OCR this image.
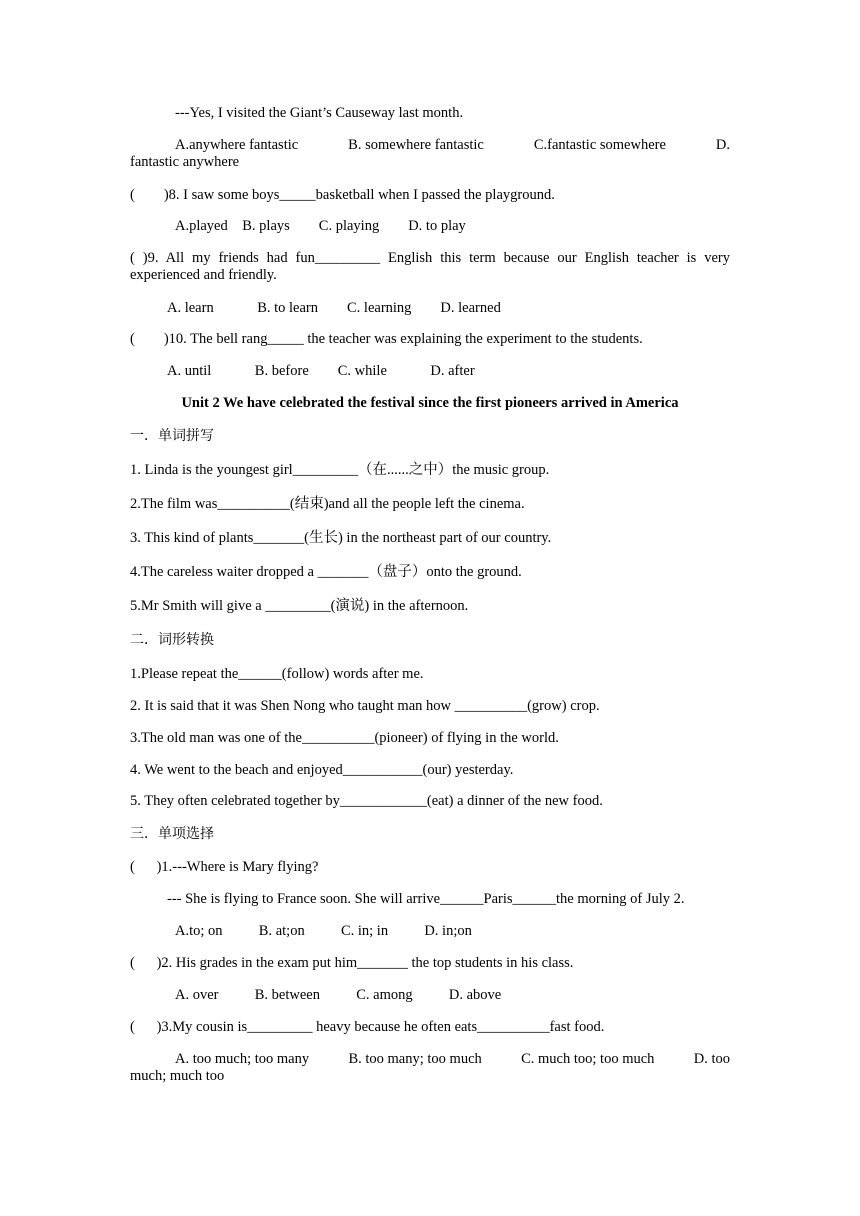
---Yes, I visited the Giant’s Causeway last month.
A.anywhere fantastic	B. somewhere fantastic	C.fantastic somewhere	D.
fantastic anywhere
(        )8. I saw some boys_____basketball when I passed the playground.
A.played    B. plays        C. playing        D. to play
( )9. All my friends had fun_________ English this term because our English teacher is very
experienced and friendly.
A. learn            B. to learn        C. learning        D. learned
(        )10. The bell rang_____ the teacher was explaining the experiment to the students.
A. until            B. before        C. while            D. after
Unit 2 We have celebrated the festival since the first pioneers arrived in America
一．单词拼写
1. Linda is the youngest girl_________（在......之中）the music group.
2.The film was__________(结束)and all the people left the cinema.
3. This kind of plants_______(生长) in the northeast part of our country.
4.The careless waiter dropped a _______（盘子）onto the ground.
5.Mr Smith will give a _________(演说) in the afternoon.
二．词形转换
1.Please repeat the______(follow) words after me.
2. It is said that it was Shen Nong who taught man how __________(grow) crop.
3.The old man was one of the__________(pioneer) of flying in the world.
4. We went to the beach and enjoyed___________(our) yesterday.
5. They often celebrated together by____________(eat) a dinner of the new food.
三．单项选择
(      )1.---Where is Mary flying?
--- She is flying to France soon. She will arrive______Paris______the morning of July 2.
A.to; on          B. at;on          C. in; in          D. in;on
(      )2. His grades in the exam put him_______ the top students in his class.
A. over          B. between          C. among          D. above
(      )3.My cousin is_________ heavy because he often eats__________fast food.
A. too much; too many	B. too many; too much	C. much too; too much	D. too
much; much too
